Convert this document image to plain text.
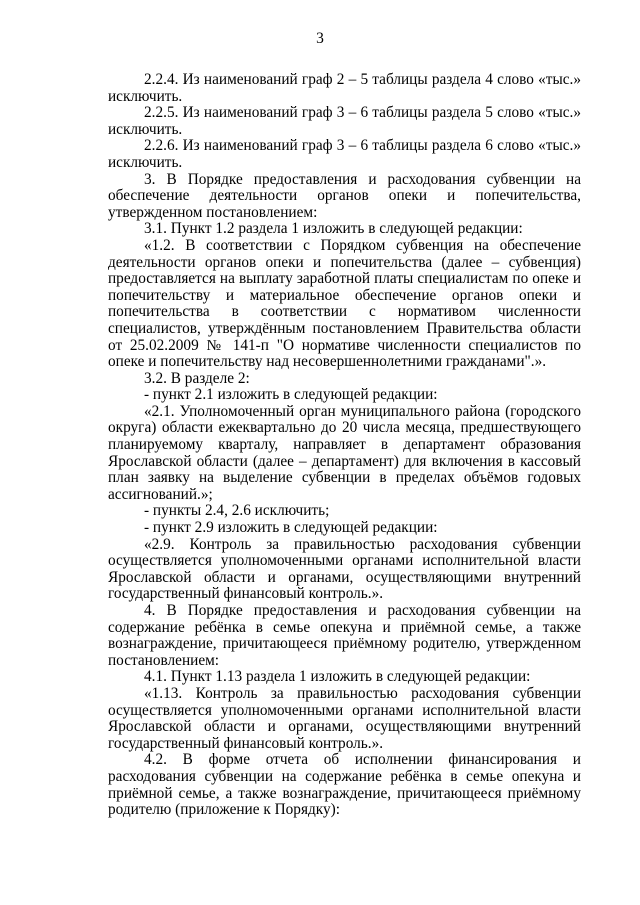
3

2.2.4. Из наименований граф 2 – 5 таблицы раздела 4 слово «тыс.» исключить.

2.2.5. Из наименований граф 3 – 6 таблицы раздела 5 слово «тыс.» исключить.

2.2.6. Из наименований граф 3 – 6 таблицы раздела 6 слово «тыс.» исключить.

3. В Порядке предоставления и расходования субвенции на обеспечение деятельности органов опеки и попечительства, утвержденном постановлением:

3.1. Пункт 1.2 раздела 1 изложить в следующей редакции:

«1.2. В соответствии с Порядком субвенция на обеспечение деятельности органов опеки и попечительства (далее – субвенция) предоставляется на выплату заработной платы специалистам по опеке и попечительству и материальное обеспечение органов опеки и попечительства в соответствии с нормативом численности специалистов, утверждённым постановлением Правительства области от 25.02.2009 № 141-п "О нормативе численности специалистов по опеке и попечительству над несовершеннолетними гражданами".».

3.2. В разделе 2:

- пункт 2.1 изложить в следующей редакции:

«2.1. Уполномоченный орган муниципального района (городского округа) области ежеквартально до 20 числа месяца, предшествующего планируемому кварталу, направляет в департамент образования Ярославской области (далее – департамент) для включения в кассовый план заявку на выделение субвенции в пределах объёмов годовых ассигнований.»;

- пункты 2.4, 2.6 исключить;

- пункт 2.9 изложить в следующей редакции:

«2.9. Контроль за правильностью расходования субвенции осуществляется уполномоченными органами исполнительной власти Ярославской области и органами, осуществляющими внутренний государственный финансовый контроль.».

4. В Порядке предоставления и расходования субвенции на содержание ребёнка в семье опекуна и приёмной семье, а также вознаграждение, причитающееся приёмному родителю, утвержденном постановлением:

4.1. Пункт 1.13 раздела 1 изложить в следующей редакции:

«1.13. Контроль за правильностью расходования субвенции осуществляется уполномоченными органами исполнительной власти Ярославской области и органами, осуществляющими внутренний государственный финансовый контроль.».

4.2. В форме отчета об исполнении финансирования и расходования субвенции на содержание ребёнка в семье опекуна и приёмной семье, а также вознаграждение, причитающееся приёмному родителю (приложение к Порядку):
